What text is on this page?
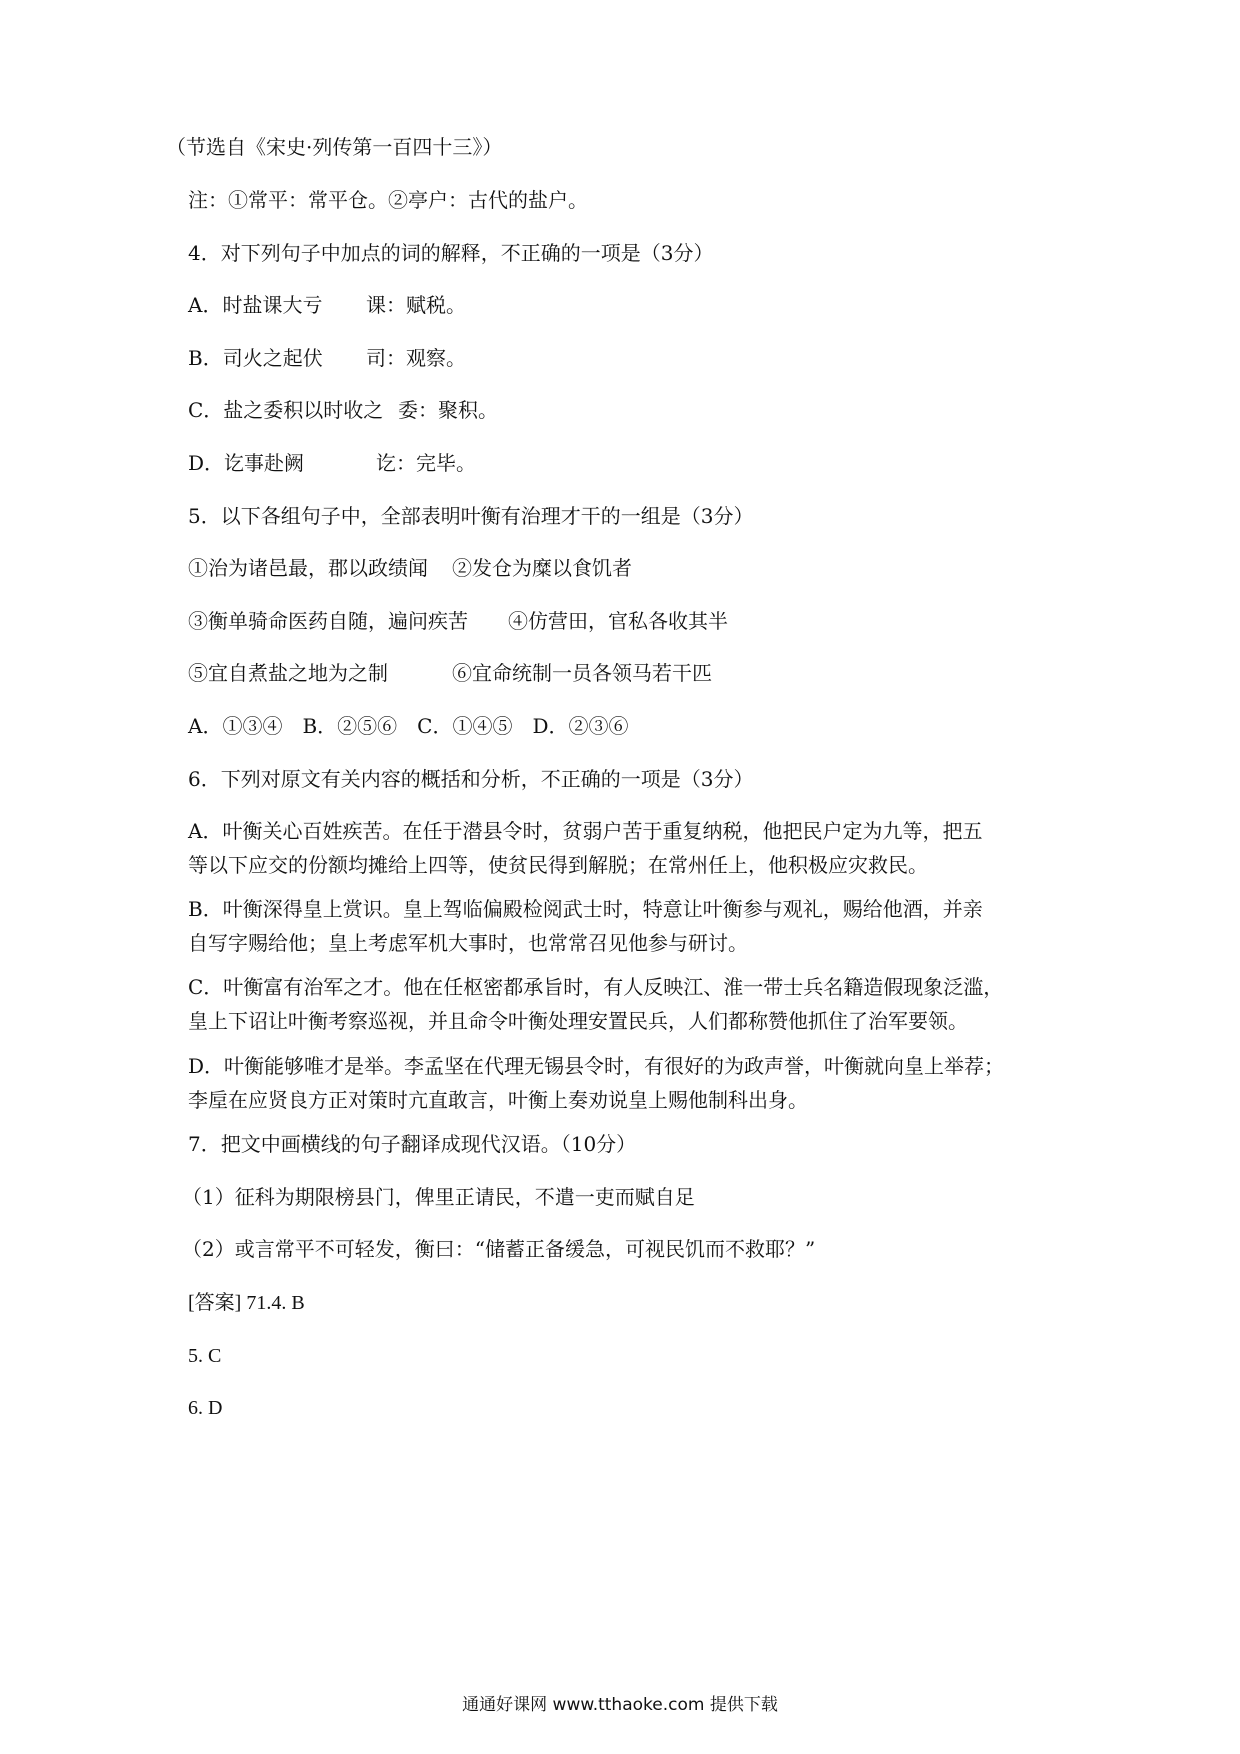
（节选自《宋史·列传第一百四十三》）
注：①常平：常平仓。②亭户：古代的盐户。
4．对下列句子中加点的词的解释，不正确的一项是（3分）
A．时盐课大亏 课：赋税。
B．司火之起伏 司：观察。
C．盐之委积以时收之 委：聚积。
D．讫事赴阙	讫：完毕。
5．以下各组句子中，全部表明叶衡有治理才干的一组是（3分）
①治为诸邑最，郡以政绩闻 ②发仓为糜以食饥者
③衡单骑命医药自随，遍问疾苦 ④仿营田，官私各收其半
⑤宜自煮盐之地为之制	⑥宜命统制一员各领马若干匹
A．①③④　B．②⑤⑥　C．①④⑤　D．②③⑥
6．下列对原文有关内容的概括和分析，不正确的一项是（3分）
A．叶衡关心百姓疾苦。在任于潜县令时，贫弱户苦于重复纳税，他把民户定为九等，把五
等以下应交的份额均摊给上四等，使贫民得到解脱；在常州任上，他积极应灾救民。
B．叶衡深得皇上赏识。皇上驾临偏殿检阅武士时，特意让叶衡参与观礼，赐给他酒，并亲
自写字赐给他；皇上考虑军机大事时，也常常召见他参与研讨。
C．叶衡富有治军之才。他在任枢密都承旨时，有人反映江、淮一带士兵名籍造假现象泛滥，
皇上下诏让叶衡考察巡视，并且命令叶衡处理安置民兵，人们都称赞他抓住了治军要领。
D．叶衡能够唯才是举。李孟坚在代理无锡县令时，有很好的为政声誉，叶衡就向皇上举荐；
李垕在应贤良方正对策时亢直敢言，叶衡上奏劝说皇上赐他制科出身。
7．把文中画横线的句子翻译成现代汉语。（10分）
（1）征科为期限榜县门，俾里正请民，不遣一吏而赋自足
（2）或言常平不可轻发，衡曰：“储蓄正备缓急，可视民饥而不救耶？”
[答案] 71.4. B
5. C
6. D
通通好课网 www.tthaoke.com 提供下载
